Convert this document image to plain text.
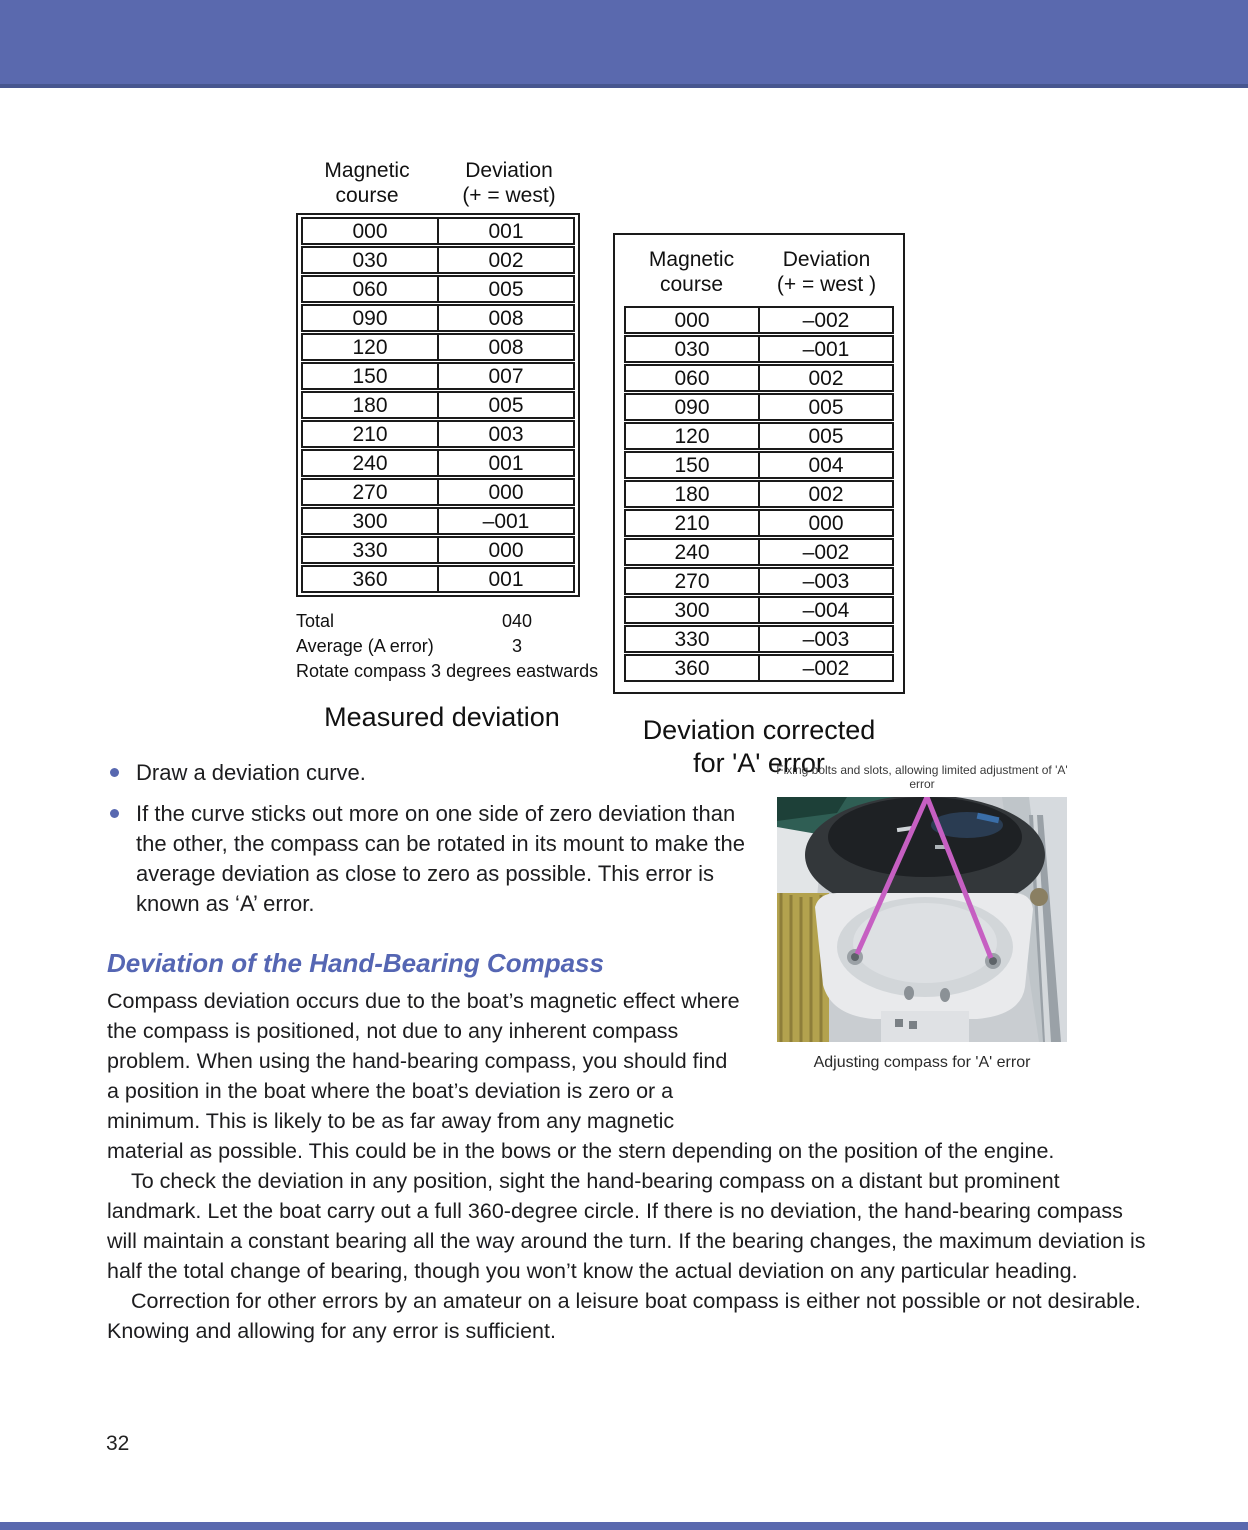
Magnetic
course
Deviation
(+ = west)
000	001
030	002
060	005
090	008
120	008
150	007
180	005
210	003
240	001
270	000
300	–001
330	000
360	001
Total	040
Average (A error)	3
Rotate compass 3 degrees eastwards
Measured deviation
Magnetic
course
Deviation
(+ = west )
000	–002
030	–001
060	002
090	005
120	005
150	004
180	002
210	000
240	–002
270	–003
300	–004
330	–003
360	–002
Deviation corrected
for 'A' error
Draw a deviation curve.
If the curve sticks out more on one side of zero deviation than the other, the compass can be rotated in its mount to make the average deviation as close to zero as possible. This error is known as ‘A’ error.
Deviation of the Hand-Bearing Compass

Compass deviation occurs due to the boat’s magnetic effect where the compass is positioned, not due to any inherent compass problem. When using the hand-bearing compass, you should find a position in the boat where the boat’s deviation is zero or a minimum. This is likely to be as far away from any magnetic material as possible. This could be in the bows or the stern depending on the position of the engine.

To check the deviation in any position, sight the hand-bearing compass on a distant but prominent landmark. Let the boat carry out a full 360-degree circle. If there is no deviation, the hand-bearing compass will maintain a constant bearing all the way around the turn. If the bearing changes, the maximum deviation is half the total change of bearing, though you won’t know the actual deviation on any particular heading.

Correction for other errors by an amateur on a leisure boat compass is either not possible or not desirable. Knowing and allowing for any error is sufficient.

Fixing bolts and slots, allowing limited adjustment of 'A' error
Adjusting compass for 'A' error
32
